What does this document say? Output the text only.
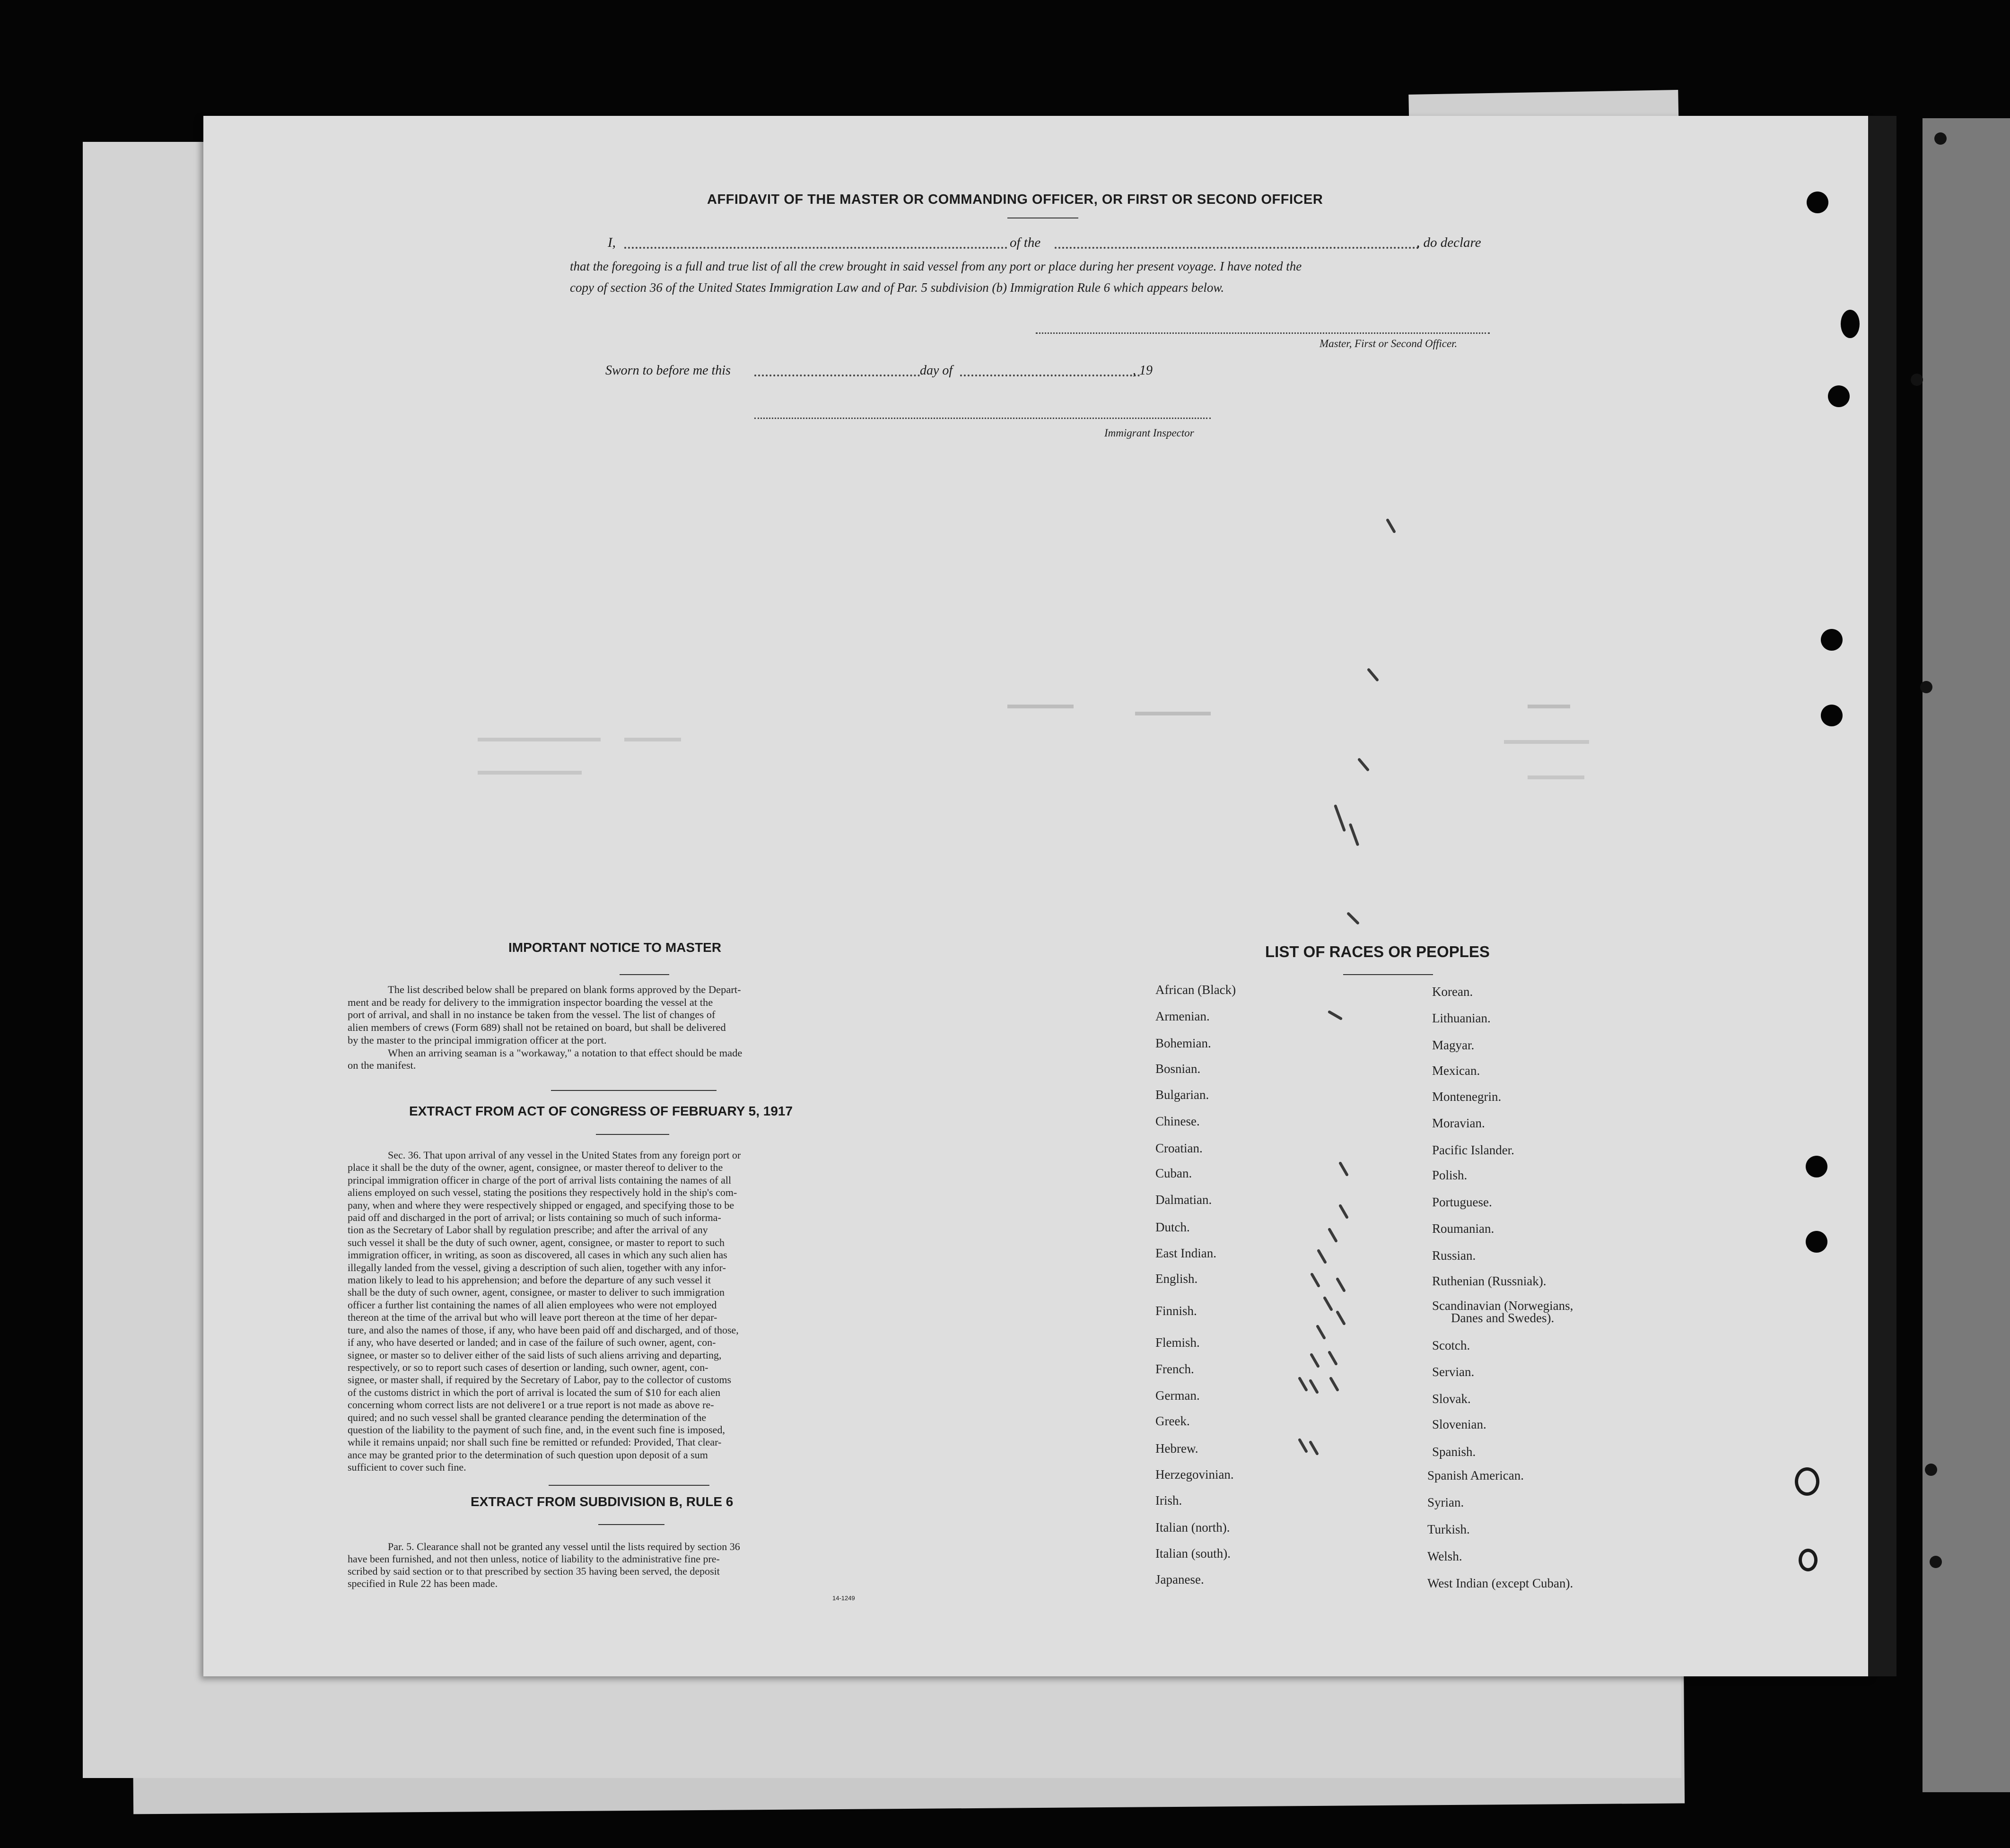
AFFIDAVIT OF THE MASTER OR COMMANDING OFFICER, OR FIRST OR SECOND OFFICER
I,	of the	, do declare
that the foregoing is a full and true list of all the crew brought in said vessel from any port or place during her present voyage. I have noted the
copy of section 36 of the United States Immigration Law and of Par. 5 subdivision (b) Immigration Rule 6 which appears below.
Master, First or Second Officer.
Sworn to before me this	day of	, 19
Immigrant Inspector
IMPORTANT NOTICE TO MASTER
The list described below shall be prepared on blank forms approved by the Depart-
ment and be ready for delivery to the immigration inspector boarding the vessel at the
port of arrival, and shall in no instance be taken from the vessel. The list of changes of
alien members of crews (Form 689) shall not be retained on board, but shall be delivered
by the master to the principal immigration officer at the port.
When an arriving seaman is a "workaway," a notation to that effect should be made
on the manifest.
EXTRACT FROM ACT OF CONGRESS OF FEBRUARY 5, 1917
Sec. 36. That upon arrival of any vessel in the United States from any foreign port or
place it shall be the duty of the owner, agent, consignee, or master thereof to deliver to the
principal immigration officer in charge of the port of arrival lists containing the names of all
aliens employed on such vessel, stating the positions they respectively hold in the ship's com-
pany, when and where they were respectively shipped or engaged, and specifying those to be
paid off and discharged in the port of arrival; or lists containing so much of such informa-
tion as the Secretary of Labor shall by regulation prescribe; and after the arrival of any
such vessel it shall be the duty of such owner, agent, consignee, or master to report to such
immigration officer, in writing, as soon as discovered, all cases in which any such alien has
illegally landed from the vessel, giving a description of such alien, together with any infor-
mation likely to lead to his apprehension; and before the departure of any such vessel it
shall be the duty of such owner, agent, consignee, or master to deliver to such immigration
officer a further list containing the names of all alien employees who were not employed
thereon at the time of the arrival but who will leave port thereon at the time of her depar-
ture, and also the names of those, if any, who have been paid off and discharged, and of those,
if any, who have deserted or landed; and in case of the failure of such owner, agent, con-
signee, or master so to deliver either of the said lists of such aliens arriving and departing,
respectively, or so to report such cases of desertion or landing, such owner, agent, con-
signee, or master shall, if required by the Secretary of Labor, pay to the collector of customs
of the customs district in which the port of arrival is located the sum of $10 for each alien
concerning whom correct lists are not delivere1 or a true report is not made as above re-
quired; and no such vessel shall be granted clearance pending the determination of the
question of the liability to the payment of such fine, and, in the event such fine is imposed,
while it remains unpaid; nor shall such fine be remitted or refunded: Provided, That clear-
ance may be granted prior to the determination of such question upon deposit of a sum
sufficient to cover such fine.
EXTRACT FROM SUBDIVISION B, RULE 6
Par. 5. Clearance shall not be granted any vessel until the lists required by section 36
have been furnished, and not then unless, notice of liability to the administrative fine pre-
scribed by said section or to that prescribed by section 35 having been served, the deposit
specified in Rule 22 has been made.
14-1249
LIST OF RACES OR PEOPLES
African (Black)
Armenian.
Bohemian.
Bosnian.
Bulgarian.
Chinese.
Croatian.
Cuban.
Dalmatian.
Dutch.
East Indian.
English.
Finnish.
Flemish.
French.
German.
Greek.
Hebrew.
Herzegovinian.
Irish.
Italian (north).
Italian (south).
Japanese.
Korean.
Lithuanian.
Magyar.
Mexican.
Montenegrin.
Moravian.
Pacific Islander.
Polish.
Portuguese.
Roumanian.
Russian.
Ruthenian (Russniak).
Scandinavian (Norwegians,
Danes and Swedes).
Scotch.
Servian.
Slovak.
Slovenian.
Spanish.
Spanish American.
Syrian.
Turkish.
Welsh.
West Indian (except Cuban).
